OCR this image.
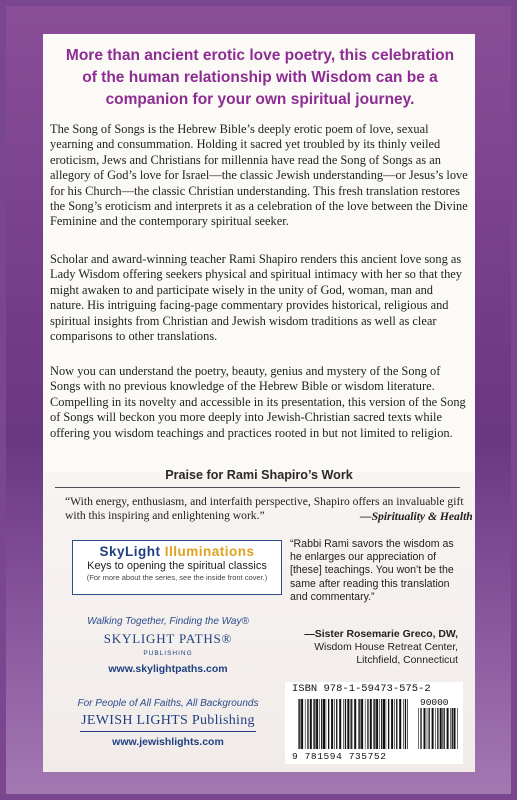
More than ancient erotic love poetry, this celebration of the human relationship with Wisdom can be a companion for your own spiritual journey.
The Song of Songs is the Hebrew Bible’s deeply erotic poem of love, sexual yearning and consummation. Holding it sacred yet troubled by its thinly veiled eroticism, Jews and Christians for millennia have read the Song of Songs as an allegory of God’s love for Israel—the classic Jewish understanding—or Jesus’s love for his Church—the classic Christian understanding. This fresh translation restores the Song’s eroticism and interprets it as a celebration of the love between the Divine Feminine and the contemporary spiritual seeker.
Scholar and award-winning teacher Rami Shapiro renders this ancient love song as Lady Wisdom offering seekers physical and spiritual intimacy with her so that they might awaken to and participate wisely in the unity of God, woman, man and nature. His intriguing facing-page commentary provides historical, religious and spiritual insights from Christian and Jewish wisdom traditions as well as clear comparisons to other translations.
Now you can understand the poetry, beauty, genius and mystery of the Song of Songs with no previous knowledge of the Hebrew Bible or wisdom literature. Compelling in its novelty and accessible in its presentation, this version of the Song of Songs will beckon you more deeply into Jewish-Christian sacred texts while offering you wisdom teachings and practices rooted in but not limited to religion.
Praise for Rami Shapiro’s Work
“With energy, enthusiasm, and interfaith perspective, Shapiro offers an invaluable gift with this inspiring and enlightening work.”	—Spirituality & Health
SkyLight Illuminations
Keys to opening the spiritual classics
(For more about the series, see the inside front cover.)
“Rabbi Rami savors the wisdom as he enlarges our appreciation of [these] teachings. You won’t be the same after reading this translation and commentary.”
—Sister Rosemarie Greco, DW,
Wisdom House Retreat Center,
Litchfield, Connecticut
Walking Together, Finding the Way®
SKYLIGHT PATHS®
PUBLISHING
www.skylightpaths.com
For People of All Faiths, All Backgrounds
JEWISH LIGHTS Publishing
www.jewishlights.com
ISBN 978-1-59473-575-2
90000
9 781594 735752
